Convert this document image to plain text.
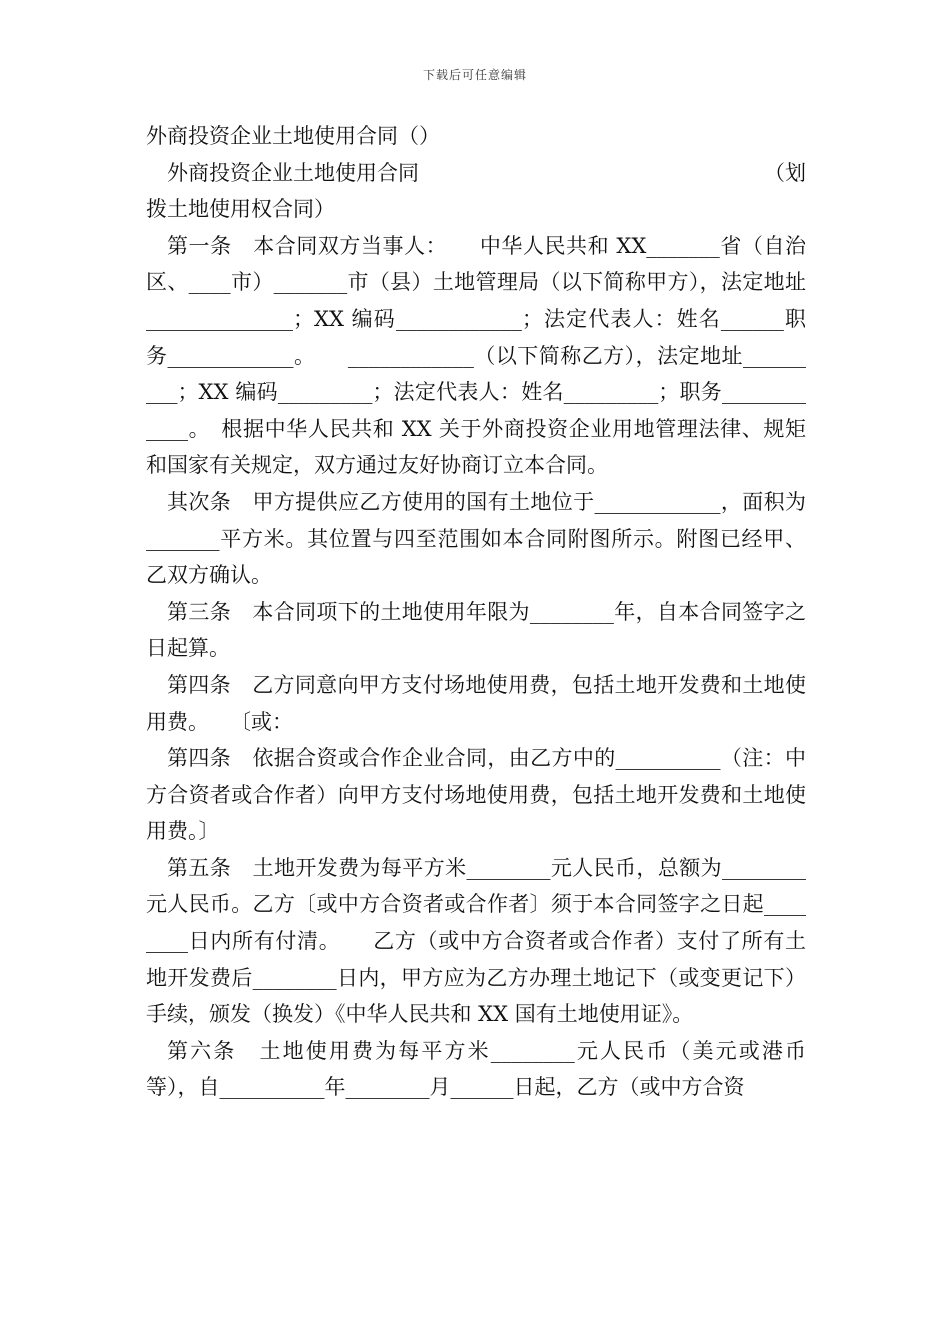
下载后可任意编辑

外商投资企业土地使用合同（）

外商投资企业土地使用合同	（划

拨土地使用权合同）

第一条　本合同双方当事人：　　中华人民共和 XX_______省（自治区、____市）_______市（县）土地管理局（以下简称甲方），法定地址______________；XX 编码____________；法定代表人：姓名______职务____________。　　____________（以下简称乙方），法定地址_________；XX 编码_________；法定代表人：姓名_________；职务____________。　根据中华人民共和 XX 关于外商投资企业用地管理法律、规矩和国家有关规定，双方通过友好协商订立本合同。

其次条　甲方提供应乙方使用的国有土地位于____________，面积为_______平方米。其位置与四至范围如本合同附图所示。附图已经甲、乙双方确认。

第三条　本合同项下的土地使用年限为________年，自本合同签字之日起算。

第四条　乙方同意向甲方支付场地使用费，包括土地开发费和土地使用费。　　〔或：

第四条　依据合资或合作企业合同，由乙方中的__________（注：中方合资者或合作者）向甲方支付场地使用费，包括土地开发费和土地使用费。〕

第五条　土地开发费为每平方米________元人民币，总额为________元人民币。乙方〔或中方合资者或合作者〕须于本合同签字之日起________日内所有付清。　　乙方（或中方合资者或合作者）支付了所有土地开发费后________日内，甲方应为乙方办理土地记下（或变更记下）手续，颁发（换发）《中华人民共和 XX 国有土地使用证》。

第六条　土地使用费为每平方米________元人民币（美元或港币等），自__________年________月______日起，乙方（或中方合资
